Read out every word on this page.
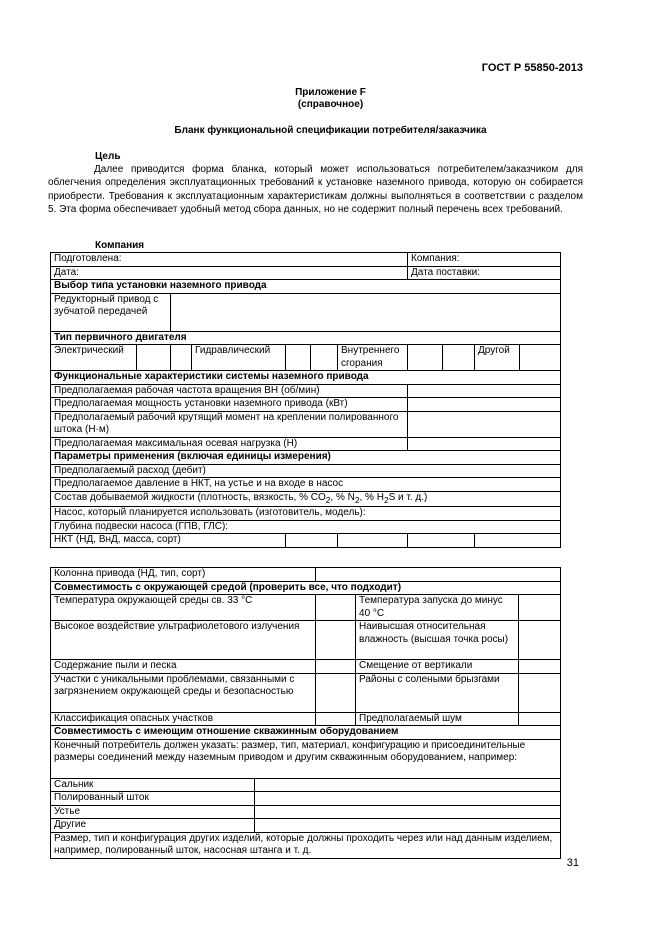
ГОСТ Р 55850-2013
Приложение F
(справочное)
Бланк функциональной спецификации потребителя/заказчика
Цель
Далее приводится форма бланка, который может использоваться потребителем/заказчиком для облегчения определения эксплуатационных требований к установке наземного привода, которую он собирается приобрести. Требования к эксплуатационным характеристикам должны выполняться в соответствии с разделом 5. Эта форма обеспечивает удобный метод сбора данных, но не содержит полный перечень всех требований.
Компания
Подготовлена:							Компания:			
Дата:							Дата поставки:			
Выбор типа установки наземного привода										
Редукторный привод с зубчатой передачей										
Тип первичного двигателя										
Электрический			Гидравлический			Внутреннего сгорания			Другой	
Функциональные характеристики системы наземного привода										
Предполагаемая рабочая частота вращения ВН (об/мин)										
Предполагаемая мощность установки наземного привода (кВт)										
Предполагаемый рабочий крутящий момент на креплении полированного штока (Н·м)										
Предполагаемая максимальная осевая нагрузка (Н)										
Параметры применения (включая единицы измерения)										
Предполагаемый расход (дебит)										
Предполагаемое давление в НКТ, на устье и на входе в насос										
Состав добываемой жидкости (плотность, вязкость, % $CO_2$, % $N_2$, % $H_2S$ и т. д.)										
Насос, который планируется использовать (изготовитель, модель):										
Глубина подвески насоса (ГПВ, ГЛС):										
НКТ (НД, ВнД, масса, сорт)										
Колонна привода (НД, тип, сорт)				
Совместимость с окружающей средой (проверить все, что подходит)				
Температура окружающей среды св. 33 °С			Температура запуска до минус 40 °С	
Высокое воздействие ультрафиолетового излучения			Наивысшая относительная влажность (высшая точка росы)	
Содержание пыли и песка			Смещение от вертикали	
Участки с уникальными проблемами, связанными с загрязнением окружающей среды и безопасностью			Районы с солеными брызгами	
Классификация опасных участков			Предполагаемый шум	
Совместимость с имеющим отношение скважинным оборудованием				
Конечный потребитель должен указать: размер, тип, материал, конфигурацию и присоединительные размеры соединений между наземным приводом и другим скважинным оборудованием, например:				
Сальник				
Полированный шток				
Устье				
Другие				
Размер, тип и конфигурация других изделий, которые должны проходить через или над данным изделием, например, полированный шток, насосная штанга и т. д.				
31
